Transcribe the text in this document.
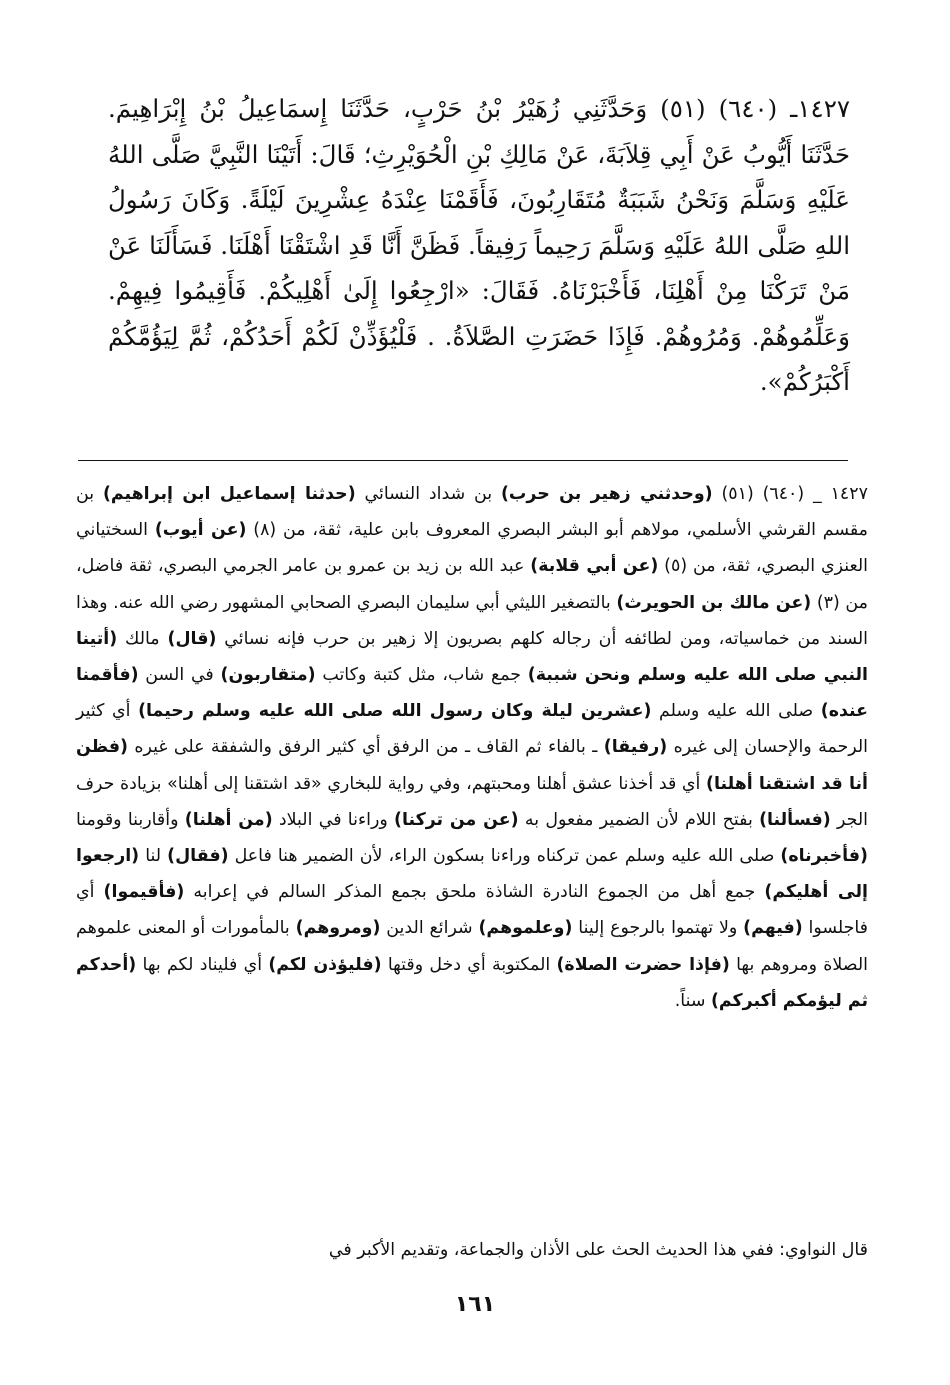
١٤٢٧ـ (٦٤٠) (٥١) وَحَدَّثَنِي زُهَيْرُ بْنُ حَرْبٍ، حَدَّثَنَا إِسمَاعِيلُ بْنُ إِبْرَاهِيمَ. حَدَّثَنَا أَيُّوبُ عَنْ أَبِي قِلاَبَةَ، عَنْ مَالِكِ بْنِ الْحُوَيْرِثِ؛ قَالَ: أَتَيْنَا النَّبِيَّ صَلَّى اللهُ عَلَيْهِ وَسَلَّمَ وَنَحْنُ شَبَبَةٌ مُتَقَارِبُونَ، فَأَقَمْنَا عِنْدَهُ عِشْرِينَ لَيْلَةً. وَكَانَ رَسُولُ اللهِ صَلَّى اللهُ عَلَيْهِ وَسَلَّمَ رَحِيماً رَفِيقاً. فَظَنَّ أَنَّا قَدِ اشْتَقْنَا أَهْلَنَا. فَسَأَلَنَا عَنْ مَنْ تَرَكْنَا مِنْ أَهْلِنَا، فَأَخْبَرْنَاهُ. فَقَالَ: «ارْجِعُوا إِلَىٰ أَهْلِيكُمْ. فَأَقِيمُوا فِيهِمْ. وَعَلِّمُوهُمْ. وَمُرُوهُمْ. فَإِذَا حَضَرَتِ الصَّلاَةُ. . فَلْيُؤَذِّنْ لَكُمْ أَحَدُكُمْ، ثُمَّ لِيَؤُمَّكُمْ أَكْبَرُكُمْ».

١٤٢٧ _ (٦٤٠) (٥١) (وحدثني زهير بن حرب) بن شداد النسائي (حدثنا إسماعيل ابن إبراهيم) بن مقسم القرشي الأسلمي، مولاهم أبو البشر البصري المعروف بابن علية، ثقة، من (٨) (عن أيوب) السختياني العنزي البصري، ثقة، من (٥) (عن أبي قلابة) عبد الله بن زيد بن عمرو بن عامر الجرمي البصري، ثقة فاضل، من (٣) (عن مالك بن الحويرث) بالتصغير الليثي أبي سليمان البصري الصحابي المشهور رضي الله عنه. وهذا السند من خماسياته، ومن لطائفه أن رجاله كلهم بصريون إلا زهير بن حرب فإنه نسائي (قال) مالك (أتينا النبي صلى الله عليه وسلم ونحن شببة) جمع شاب، مثل كتبة وكاتب (متقاربون) في السن (فأقمنا عنده) صلى الله عليه وسلم (عشرين ليلة وكان رسول الله صلى الله عليه وسلم رحيما) أي كثير الرحمة والإحسان إلى غيره (رفيقا) ـ بالفاء ثم القاف ـ من الرفق أي كثير الرفق والشفقة على غيره (فظن أنا قد اشتقنا أهلنا) أي قد أخذنا عشق أهلنا ومحبتهم، وفي رواية للبخاري «قد اشتقنا إلى أهلنا» بزيادة حرف الجر (فسألنا) بفتح اللام لأن الضمير مفعول به (عن من تركنا) وراءنا في البلاد (من أهلنا) وأقاربنا وقومنا (فأخبرناه) صلى الله عليه وسلم عمن تركناه وراءنا بسكون الراء، لأن الضمير هنا فاعل (فقال) لنا (ارجعوا إلى أهليكم) جمع أهل من الجموع النادرة الشاذة ملحق بجمع المذكر السالم في إعرابه (فأقيموا) أي فاجلسوا (فيهم) ولا تهتموا بالرجوع إلينا (وعلموهم) شرائع الدين (ومروهم) بالمأمورات أو المعنى علموهم الصلاة ومروهم بها (فإذا حضرت الصلاة) المكتوبة أي دخل وقتها (فليؤذن لكم) أي فليناد لكم بها (أحدكم ثم ليؤمكم أكبركم) سناً.

قال النواوي: ففي هذا الحديث الحث على الأذان والجماعة، وتقديم الأكبر في

١٦١
